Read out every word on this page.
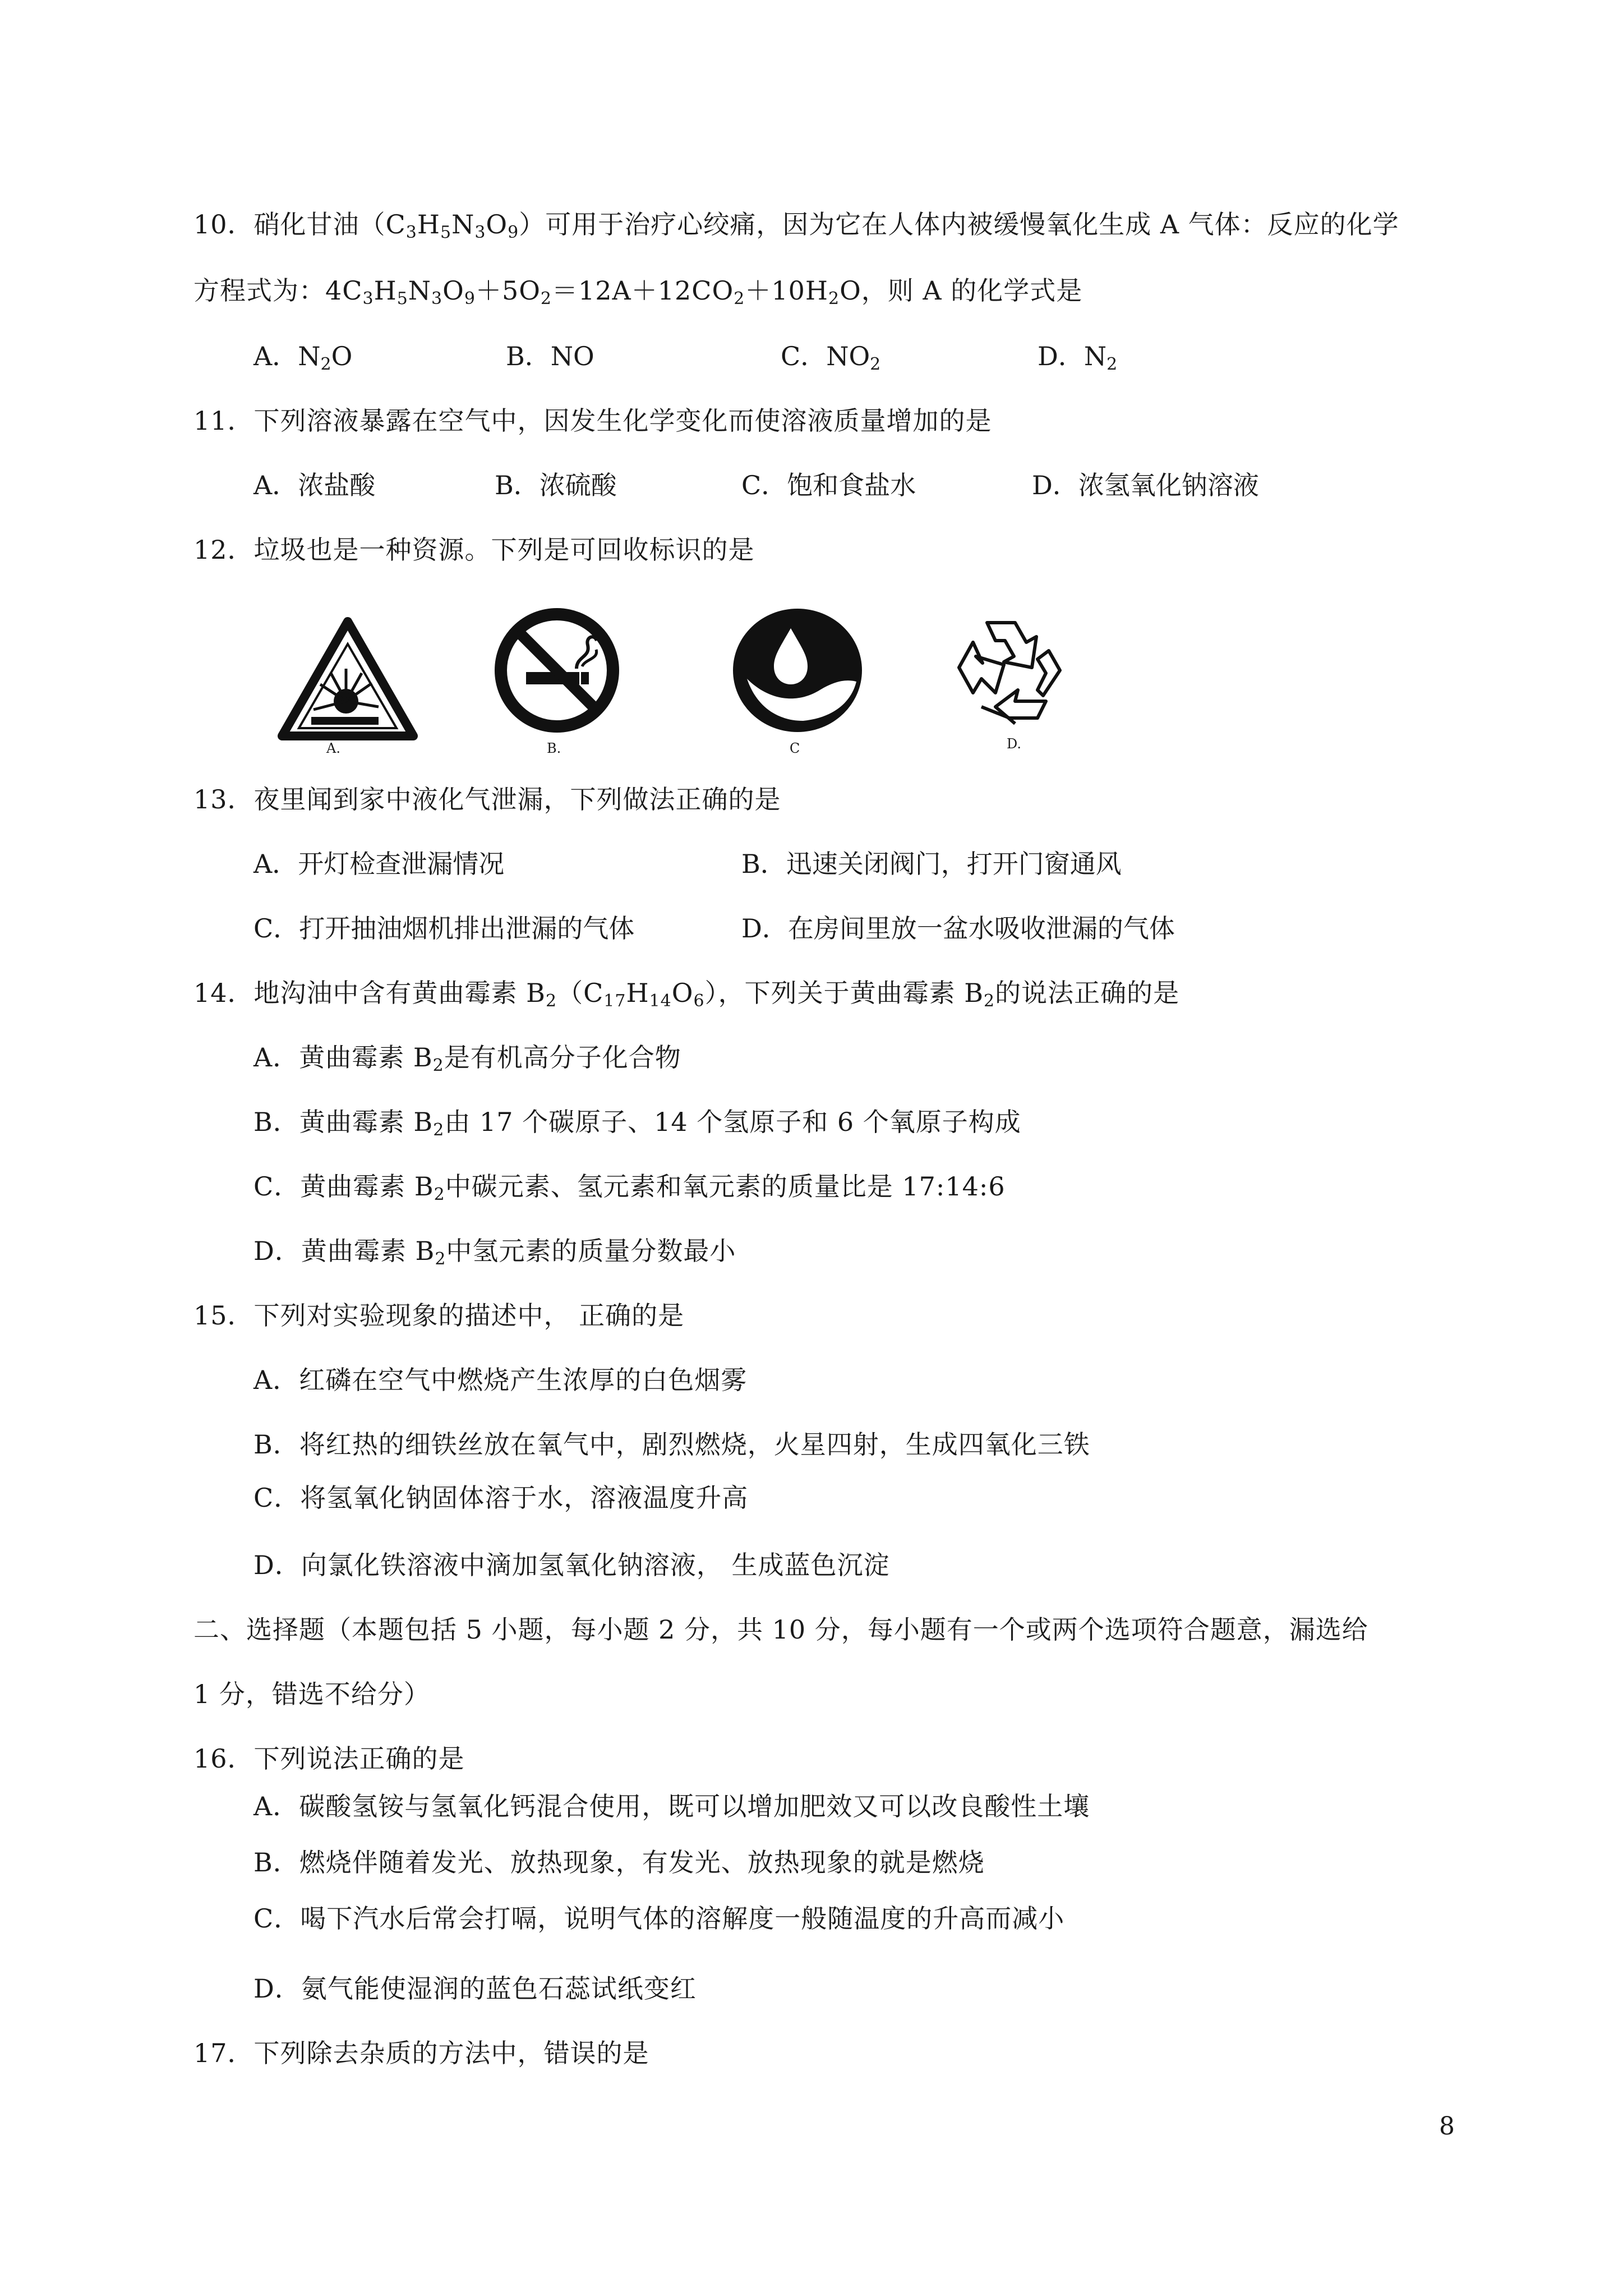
10．硝化甘油$(C_3H_5N_3O_9)$可用于治疗心绞痛，因为它在人体内被缓慢氧化生成 A 气体：反应的化学
方程式为：$4C_3H_5N_3O_9+5O_2=12A+12CO_2+10H_2O$，则 A 的化学式是
A．$N_2O$	B．NO	C．$NO_2$	D．$N_2$
11．下列溶液暴露在空气中，因发生化学变化而使溶液质量增加的是
A．浓盐酸	B．浓硫酸	C．饱和食盐水	D．浓氢氧化钠溶液
12．垃圾也是一种资源。下列是可回收标识的是
A.	B.	C	D.
13．夜里闻到家中液化气泄漏，下列做法正确的是
A．开灯检查泄漏情况	B．迅速关闭阀门，打开门窗通风
C．打开抽油烟机排出泄漏的气体	D．在房间里放一盆水吸收泄漏的气体
14．地沟油中含有黄曲霉素 $B_2(C_{17}H_{14}O_6)$，下列关于黄曲霉素 $B_2$的说法正确的是
A．黄曲霉素 $B_2$是有机高分子化合物
B．黄曲霉素 $B_2$由 17 个碳原子、14 个氢原子和 6 个氧原子构成
C．黄曲霉素 $B_2$中碳元素、氢元素和氧元素的质量比是 17:14:6
D．黄曲霉素 $B_2$中氢元素的质量分数最小
15．下列对实验现象的描述中， 正确的是
A．红磷在空气中燃烧产生浓厚的白色烟雾
B．将红热的细铁丝放在氧气中，剧烈燃烧，火星四射，生成四氧化三铁
C．将氢氧化钠固体溶于水，溶液温度升高
D．向氯化铁溶液中滴加氢氧化钠溶液， 生成蓝色沉淀
二、选择题（本题包括 5 小题，每小题 2 分，共 10 分，每小题有一个或两个选项符合题意，漏选给
1 分，错选不给分）
16．下列说法正确的是
A．碳酸氢铵与氢氧化钙混合使用，既可以增加肥效又可以改良酸性土壤
B．燃烧伴随着发光、放热现象，有发光、放热现象的就是燃烧
C．喝下汽水后常会打嗝，说明气体的溶解度一般随温度的升高而减小
D．氨气能使湿润的蓝色石蕊试纸变红
17．下列除去杂质的方法中，错误的是
8
